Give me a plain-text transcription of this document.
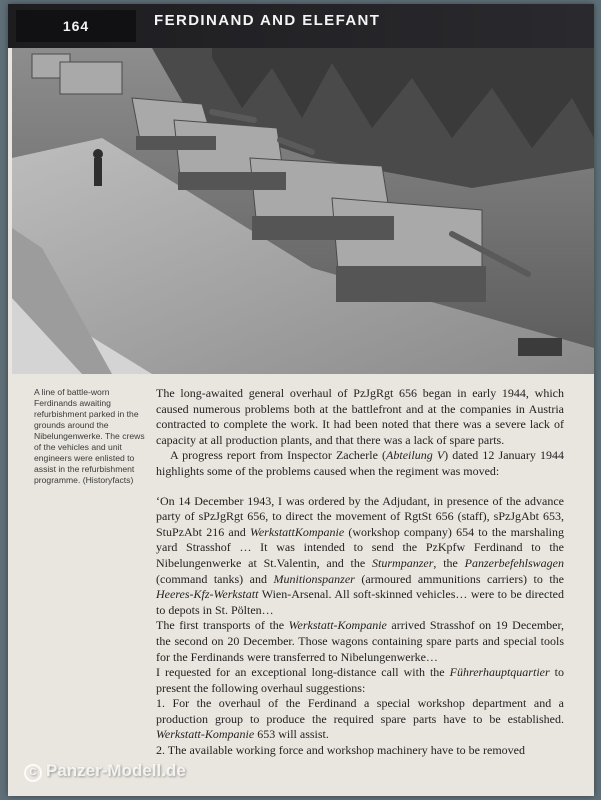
164	FERDINAND AND ELEFANT
A line of battle-worn Ferdinands awaiting refurbishment parked in the grounds around the Nibelungenwerke. The crews of the vehicles and unit engineers were enlisted to assist in the refurbishment programme. (Historyfacts)

The long-awaited general overhaul of PzJgRgt 656 began in early 1944, which caused numerous problems both at the battlefront and at the companies in Austria contracted to complete the work. It had been noted that there was a severe lack of capacity at all production plants, and that there was a lack of spare parts.

A progress report from Inspector Zacherle (Abteilung V) dated 12 January 1944 highlights some of the problems caused when the regiment was moved:

‘On 14 December 1943, I was ordered by the Adjudant, in presence of the advance party of sPzJgRgt 656, to direct the movement of RgtSt 656 (staff), sPzJgAbt 653, StuPzAbt 216 and WerkstattKompanie (workshop company) 654 to the marshaling yard Strasshof … It was intended to send the PzKpfw Ferdinand to the Nibelungenwerke at St.Valentin, and the Sturmpanzer, the Panzerbefehlswagen (command tanks) and Munitionspanzer (armoured ammunitions carriers) to the Heeres-Kfz-Werkstatt Wien-Arsenal. All soft-skinned vehicles… were to be directed to depots in St. Pölten…

The first transports of the Werkstatt-Kompanie arrived Strasshof on 19 December, the second on 20 December. Those wagons containing spare parts and special tools for the Ferdinands were transferred to Nibelungenwerke…

I requested for an exceptional long-distance call with the Führerhauptquartier to present the following overhaul suggestions:

1. For the overhaul of the Ferdinand a special workshop department and a production group to produce the required spare parts have to be established. Werkstatt-Kompanie 653 will assist.

2. The available working force and workshop machinery have to be removed

C Panzer-Modell.de
